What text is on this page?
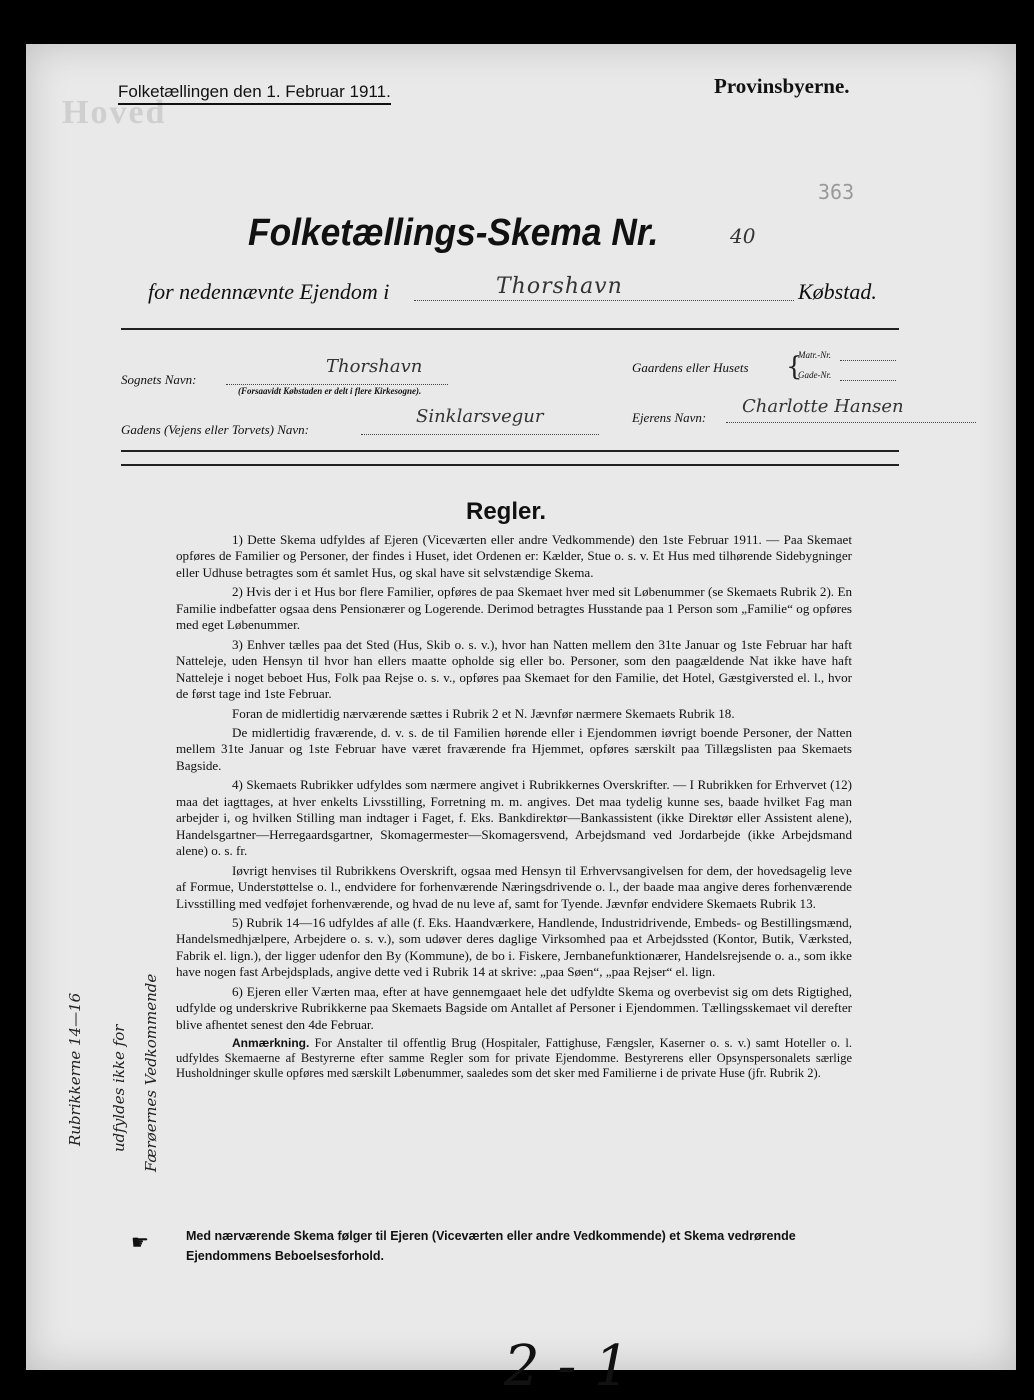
Hoved
Folketællingen den 1. Februar 1911.	Provinsbyerne.
363
Folketællings-Skema Nr.	40
for nedennævnte Ejendom i	Thorshavn	Købstad.
Sognets Navn:
Thorshavn
(Forsaavidt Købstaden er delt i flere Kirkesogne).
Gaardens eller Husets {
Matr.-Nr.
Gade-Nr.
Gadens (Vejens eller Torvets) Navn:
Sinklarsvegur	Ejerens Navn:
Charlotte Hansen
Regler.

1) Dette Skema udfyldes af Ejeren (Viceværten eller andre Vedkommende) den 1ste Februar 1911. — Paa Skemaet opføres de Familier og Personer, der findes i Huset, idet Ordenen er: Kælder, Stue o. s. v. Et Hus med tilhørende Sidebygninger eller Udhuse betragtes som ét samlet Hus, og skal have sit selvstændige Skema.

2) Hvis der i et Hus bor flere Familier, opføres de paa Skemaet hver med sit Løbenummer (se Skemaets Rubrik 2). En Familie indbefatter ogsaa dens Pensionærer og Logerende. Derimod betragtes Husstande paa 1 Person som „Familie“ og opføres med eget Løbenummer.

3) Enhver tælles paa det Sted (Hus, Skib o. s. v.), hvor han Natten mellem den 31te Januar og 1ste Februar har haft Natteleje, uden Hensyn til hvor han ellers maatte opholde sig eller bo. Personer, som den paagældende Nat ikke have haft Natteleje i noget beboet Hus, Folk paa Rejse o. s. v., opføres paa Skemaet for den Familie, det Hotel, Gæstgiversted el. l., hvor de først tage ind 1ste Februar.

Foran de midlertidig nærværende sættes i Rubrik 2 et N. Jævnfør nærmere Skemaets Rubrik 18.

De midlertidig fraværende, d. v. s. de til Familien hørende eller i Ejendommen iøvrigt boende Personer, der Natten mellem 31te Januar og 1ste Februar have været fraværende fra Hjemmet, opføres særskilt paa Tillægslisten paa Skemaets Bagside.

4) Skemaets Rubrikker udfyldes som nærmere angivet i Rubrikkernes Overskrifter. — I Rubrikken for Erhvervet (12) maa det iagttages, at hver enkelts Livsstilling, Forretning m. m. angives. Det maa tydelig kunne ses, baade hvilket Fag man arbejder i, og hvilken Stilling man indtager i Faget, f. Eks. Bankdirektør—Bankassistent (ikke Direktør eller Assistent alene), Handelsgartner—Herregaardsgartner, Skomagermester—Skomagersvend, Arbejdsmand ved Jordarbejde (ikke Arbejdsmand alene) o. s. fr.

Iøvrigt henvises til Rubrikkens Overskrift, ogsaa med Hensyn til Erhvervsangivelsen for dem, der hovedsagelig leve af Formue, Understøttelse o. l., endvidere for forhenværende Næringsdrivende o. l., der baade maa angive deres forhenværende Livsstilling med vedføjet forhenværende, og hvad de nu leve af, samt for Tyende. Jævnfør endvidere Skemaets Rubrik 13.

5) Rubrik 14—16 udfyldes af alle (f. Eks. Haandværkere, Handlende, Industridrivende, Embeds- og Bestillingsmænd, Handelsmedhjælpere, Arbejdere o. s. v.), som udøver deres daglige Virksomhed paa et Arbejdssted (Kontor, Butik, Værksted, Fabrik el. lign.), der ligger udenfor den By (Kommune), de bo i. Fiskere, Jernbanefunktionærer, Handelsrejsende o. a., som ikke have nogen fast Arbejdsplads, angive dette ved i Rubrik 14 at skrive: „paa Søen“, „paa Rejser“ el. lign.

6) Ejeren eller Værten maa, efter at have gennemgaaet hele det udfyldte Skema og overbevist sig om dets Rigtighed, udfylde og underskrive Rubrikkerne paa Skemaets Bagside om Antallet af Personer i Ejendommen. Tællingsskemaet vil derefter blive afhentet senest den 4de Februar.

Anmærkning. For Anstalter til offentlig Brug (Hospitaler, Fattighuse, Fængsler, Kaserner o. s. v.) samt Hoteller o. l. udfyldes Skemaerne af Bestyrerne efter samme Regler som for private Ejendomme. Bestyrerens eller Opsynspersonalets særlige Husholdninger skulle opføres med særskilt Løbenummer, saaledes som det sker med Familierne i de private Huse (jfr. Rubrik 2).

Rubrikkerne 14—16 udfyldes ikke for Færøernes Vedkommende
☛	Med nærværende Skema følger til Ejeren (Viceværten eller andre Vedkommende) et Skema vedrørende Ejendommens Beboelsesforhold.
2 - 1
